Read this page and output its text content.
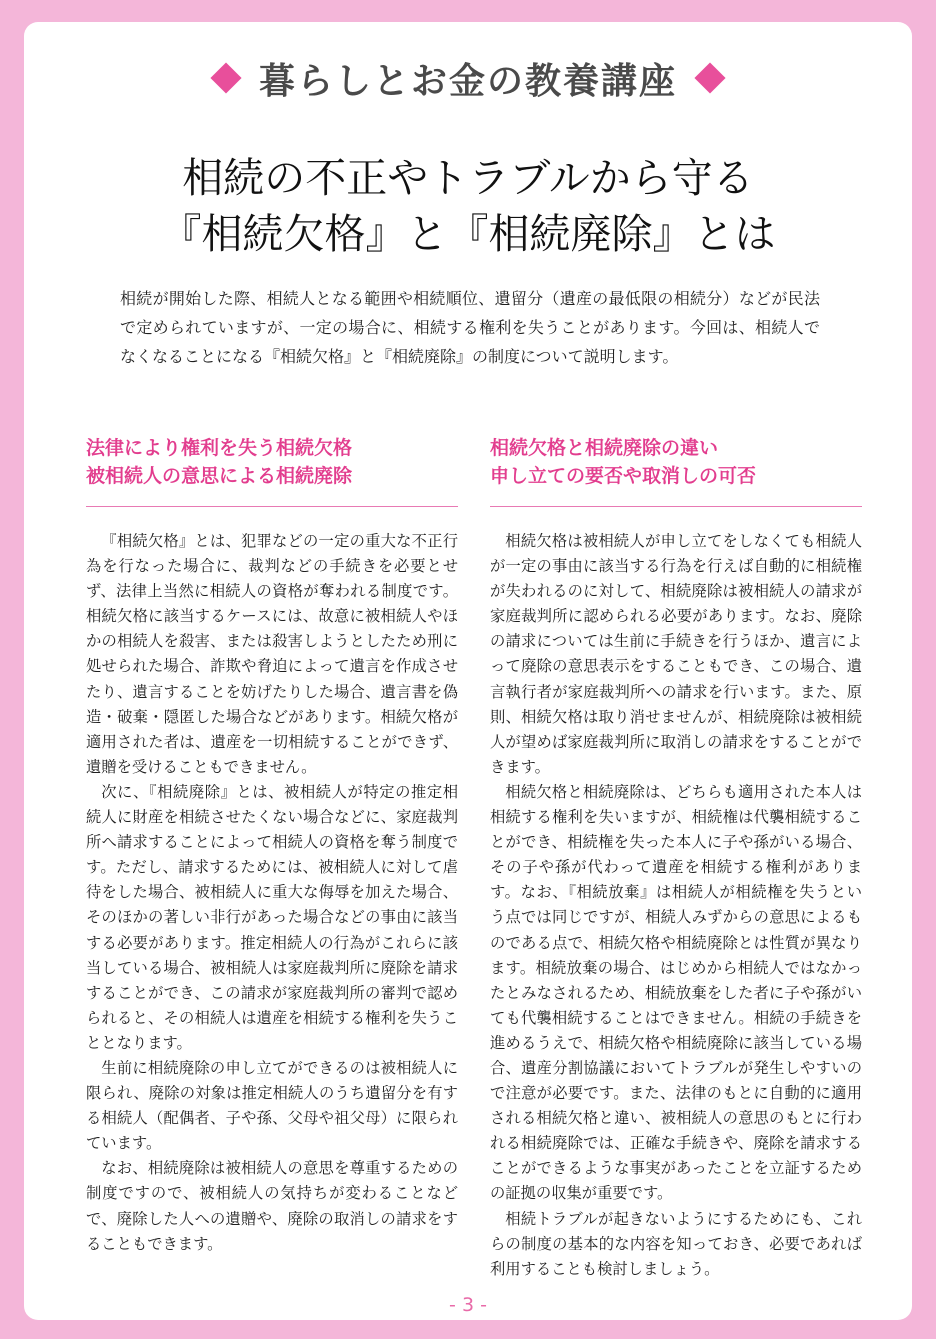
暮らしとお金の教養講座
相続の不正やトラブルから守る
『相続欠格』と『相続廃除』とは

相続が開始した際、相続人となる範囲や相続順位、遺留分（遺産の最低限の相続分）などが民法で定められていますが、一定の場合に、相続する権利を失うことがあります。今回は、相続人でなくなることになる『相続欠格』と『相続廃除』の制度について説明します。

法律により権利を失う相続欠格
被相続人の意思による相続廃除

『相続欠格』とは、犯罪などの一定の重大な不正行為を行なった場合に、裁判などの手続きを必要とせず、法律上当然に相続人の資格が奪われる制度です。相続欠格に該当するケースには、故意に被相続人やほかの相続人を殺害、または殺害しようとしたため刑に処せられた場合、詐欺や脅迫によって遺言を作成させたり、遺言することを妨げたりした場合、遺言書を偽造・破棄・隠匿した場合などがあります。相続欠格が適用された者は、遺産を一切相続することができず、遺贈を受けることもできません。

次に、『相続廃除』とは、被相続人が特定の推定相続人に財産を相続させたくない場合などに、家庭裁判所へ請求することによって相続人の資格を奪う制度です。ただし、請求するためには、被相続人に対して虐待をした場合、被相続人に重大な侮辱を加えた場合、そのほかの著しい非行があった場合などの事由に該当する必要があります。推定相続人の行為がこれらに該当している場合、被相続人は家庭裁判所に廃除を請求することができ、この請求が家庭裁判所の審判で認められると、その相続人は遺産を相続する権利を失うこととなります。

生前に相続廃除の申し立てができるのは被相続人に限られ、廃除の対象は推定相続人のうち遺留分を有する相続人（配偶者、子や孫、父母や祖父母）に限られています。

なお、相続廃除は被相続人の意思を尊重するための制度ですので、被相続人の気持ちが変わることなどで、廃除した人への遺贈や、廃除の取消しの請求をすることもできます。

相続欠格と相続廃除の違い
申し立ての要否や取消しの可否

相続欠格は被相続人が申し立てをしなくても相続人が一定の事由に該当する行為を行えば自動的に相続権が失われるのに対して、相続廃除は被相続人の請求が家庭裁判所に認められる必要があります。なお、廃除の請求については生前に手続きを行うほか、遺言によって廃除の意思表示をすることもでき、この場合、遺言執行者が家庭裁判所への請求を行います。また、原則、相続欠格は取り消せませんが、相続廃除は被相続人が望めば家庭裁判所に取消しの請求をすることができます。

相続欠格と相続廃除は、どちらも適用された本人は相続する権利を失いますが、相続権は代襲相続することができ、相続権を失った本人に子や孫がいる場合、その子や孫が代わって遺産を相続する権利があります。なお、『相続放棄』は相続人が相続権を失うという点では同じですが、相続人みずからの意思によるものである点で、相続欠格や相続廃除とは性質が異なります。相続放棄の場合、はじめから相続人ではなかったとみなされるため、相続放棄をした者に子や孫がいても代襲相続することはできません。相続の手続きを進めるうえで、相続欠格や相続廃除に該当している場合、遺産分割協議においてトラブルが発生しやすいので注意が必要です。また、法律のもとに自動的に適用される相続欠格と違い、被相続人の意思のもとに行われる相続廃除では、正確な手続きや、廃除を請求することができるような事実があったことを立証するための証拠の収集が重要です。

相続トラブルが起きないようにするためにも、これらの制度の基本的な内容を知っておき、必要であれば利用することも検討しましょう。

- 3 -
